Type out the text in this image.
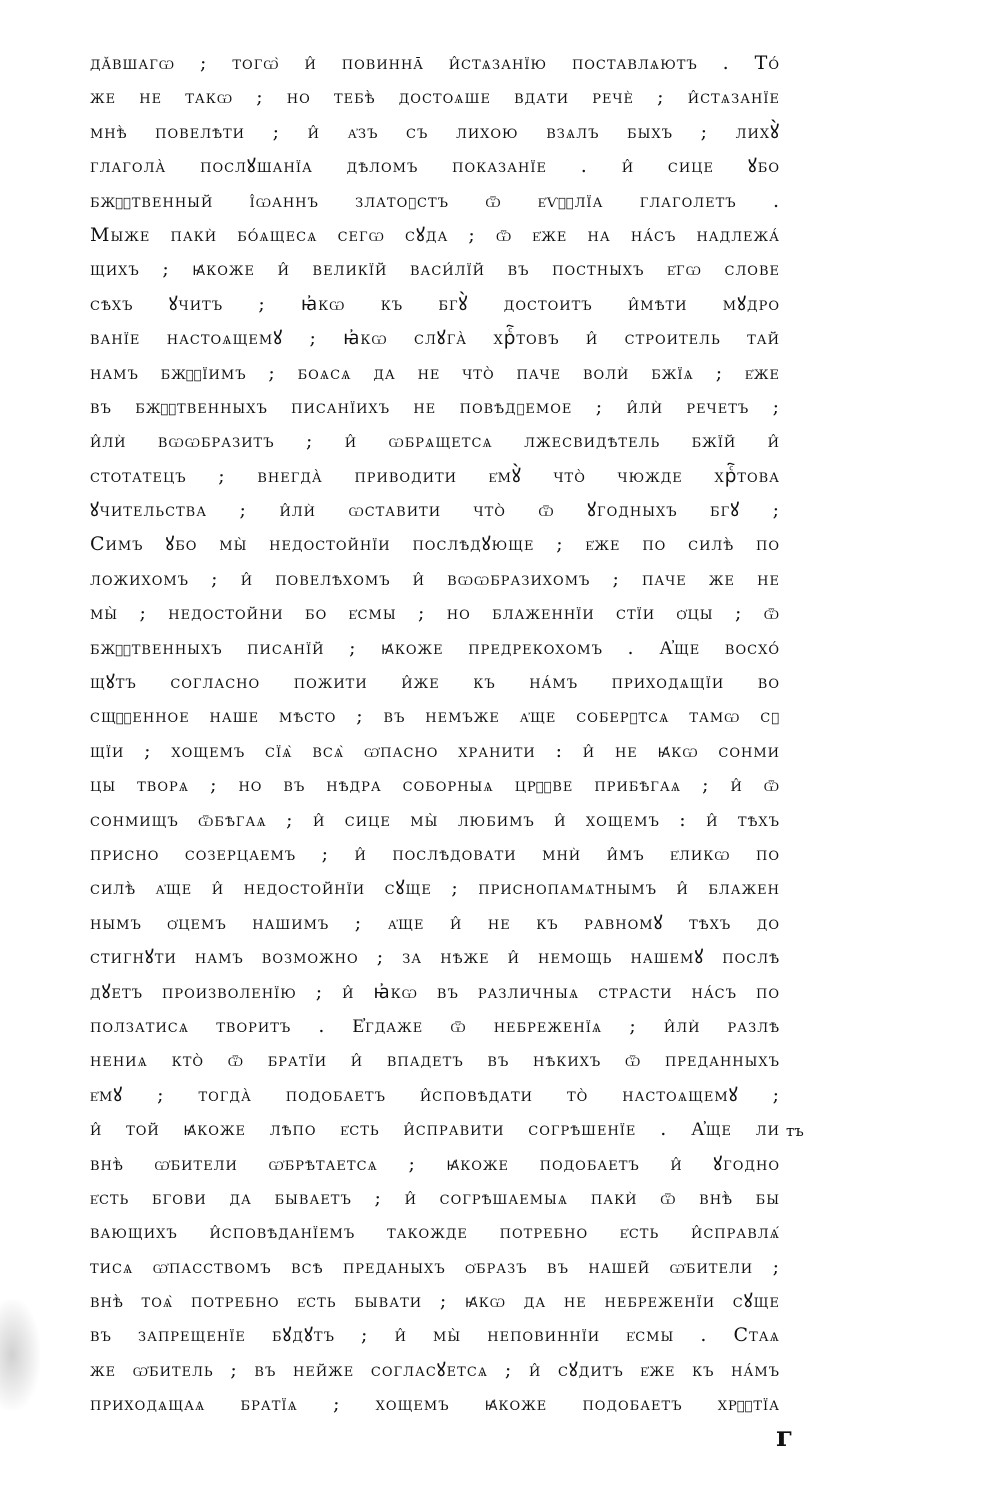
дăвшагѡ ; тогѡ̀ и̂ повиннā и̂стѧзанїю поставлѧютъ . То́
же не такѡ ; но тебѣ̀ достоѧше вдати речѐ ; и̂стѧзанїе
мнѣ̀ повелѣти ; и̂ а҆зъ съ лихою взѧлъ быхъ ; лихꙋ̀
глагола̀ послꙋшанїа дѣломъ показанїе . и̂ сице ꙋбо
бжⷭ҇твенный і̂ѡаннъ златоꙋстъ ѿ е҆ѵⷢ҇лїа глаголетъ .
Мыже пакѝ бо́ѧщесѧ сегѡ сꙋда ; ѿ е҆же на на́съ надлежа́
щихъ ; ꙗ҆коже и̂ великїй васи́лїй въ постныхъ е҆гѡ слове
сѣхъ ꙋчитъ ; ꙗ҆кѡ къ бгꙋ̀ достоитъ и̂мѣти мꙋдро
ванїе настоѧщемꙋ ; ꙗ҆кѡ слꙋга̀ хрⷭ҇товъ и̂ строитель тай
намъ бжⷭ҇їимъ ; боѧсѧ да не что̀ паче волѝ бжїѧ ; е҆же
въ бжⷭ҇твенныхъ писанїихъ не повѣдꙋемое ; и̂лѝ речетъ ;
и̂лѝ вѡѡбразитъ ; и̂ ѡбрѧщетсѧ лжесвидѣтель бжїй и̂
стотатецъ ; внегда̀ приводити е҆мꙋ̀ что̀ чюжде хрⷭ҇това
ꙋчительства ; и̂лѝ ѡставити что̀ ѿ ꙋгодныхъ бгꙋ ;
Симъ ꙋбо мы̀ недостойнїи послѣдꙋюще ; е҆же по силѣ̀ по
ложихомъ ; и̂ повелѣхомъ и̂ вѡѡбразихомъ ; паче же не
мы̀ ; недостойни бо е҆смы ; но блаженнїи стїи ѻ҆цы ; ѿ
бжⷭ҇твенныхъ писанїй ; ꙗ҆коже предрекохомъ . А҆ще восхо́
щꙋтъ согласно пожити и̂же къ на́мъ приходѧщїи во
сщⷭ҇енное наше мѣсто ; въ немъже а҆ще соберꙋтсѧ тамѡ сꙋ
щїи ; хощемъ сїѧ̀ всѧ̀ ѡ҆пасно хранити : и̂ не ꙗ҆кѡ сонми
цы творѧ ; но въ нѣдра соборныѧ црⷦ҇ве прибѣгаѧ ; и̂ ѿ
сонмищъ ѿбѣгаѧ ; и̂ сице мы̀ любимъ и̂ хощемъ : и̂ тѣхъ
присно созерцаемъ ; и̂ послѣдовати мнѝ и̂мъ е҆ликѡ по
силѣ̀ а҆ще и̂ недостойнїи сꙋще ; приснопамѧтнымъ и̂ блажен
нымъ ѻ҆цемъ нашимъ ; а҆ще и̂ не къ равномꙋ тѣхъ до
стигнꙋти намъ возможно ; за нѣже и̂ немощь нашемꙋ послѣ
дꙋетъ произволенїю ; и̂ ꙗ҆кѡ въ различныѧ страсти на́съ по
ползатисѧ творитъ . Е҆гдаже ѿ небреженїѧ ; и̂лѝ разлѣ
нениѧ кто̀ ѿ братїи и̂ впадетъ въ нѣкихъ ѿ преданныхъ
е҆мꙋ ; тогда̀ подобаетъ и̂сповѣдати то̀ настоѧщемꙋ ;
и̂ той ꙗ҆коже лѣпо е҆сть и̂справити согрѣшенїе . А҆ще ли
внѣ̀ ѡ҆бители ѡ҆брѣтаетсѧ ; ꙗ҆коже подобаетъ и̂ ꙋгодно
е҆сть бгови да бываетъ ; и̂ согрѣшаемыѧ пакѝ ѿ внѣ̀ бы
вающихъ и̂сповѣданїемъ такожде потребно е҆сть и̂справлѧ́
тисѧ ѡ҆пасствомъ всѣ преданыхъ ѻ҆бразъ въ нашей ѡ҆бители ;
внѣ̀ тоѧ̀ потребно е҆сть бывати ; ꙗ҆кѡ да не небреженїи сꙋще
въ запрещенїе бꙋдꙋтъ ; и̂ мы̀ неповиннїи е҆смы . Стаѧ
же ѡ҆битель ; въ нейже согласꙋетсѧ ; и̂ сꙋдитъ е҆же къ на́мъ
приходѧщаѧ братїѧ ; хощемъ ꙗ҆коже подобаетъ хрⷭ҇тїа
тъ
г
